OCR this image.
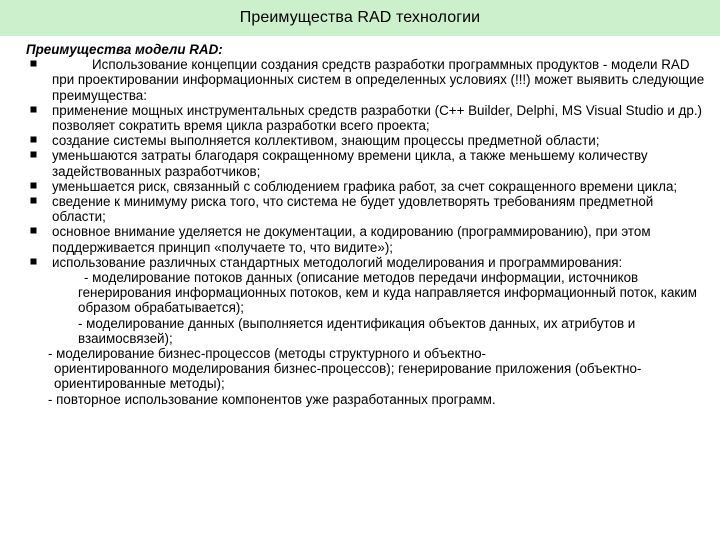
Преимущества RAD технологии

Преимущества модели RAD:

Использование концепции создания средств разработки программных продуктов - модели RAD при проектировании информационных систем в определенных условиях (!!!) может выявить следующие преимущества:
применение мощных инструментальных средств разработки (С++ Builder, Delphi, MS Visual Studio и др.) позволяет сократить время цикла разработки всего проекта;
создание системы выполняется коллективом, знающим процессы предметной области;
уменьшаются затраты благодаря сокращенному времени цикла, а также меньшему количеству задействованных разработчиков;
уменьшается риск, связанный с соблюдением графика работ, за счет сокращенного времени цикла;
сведение к минимуму риска того, что система не будет удовлетворять требованиям предметной области;
основное внимание уделяется не документации, а кодированию (программированию), при этом поддерживается принцип «получаете то, что видите»);
использование различных стандартных методологий моделирования и программирования:
- моделирование потоков данных (описание методов передачи информации, источников генерирования информационных потоков, кем и куда направляется информационный поток, каким образом обрабатывается);
- моделирование данных (выполняется идентификация объектов данных, их атрибутов и взаимосвязей);
- моделирование бизнес-процессов (методы структурного и объектно-
ориентированного моделирования бизнес-процессов); генерирование приложения (объектно-ориентированные методы);
- повторное использование компонентов уже разработанных программ.
